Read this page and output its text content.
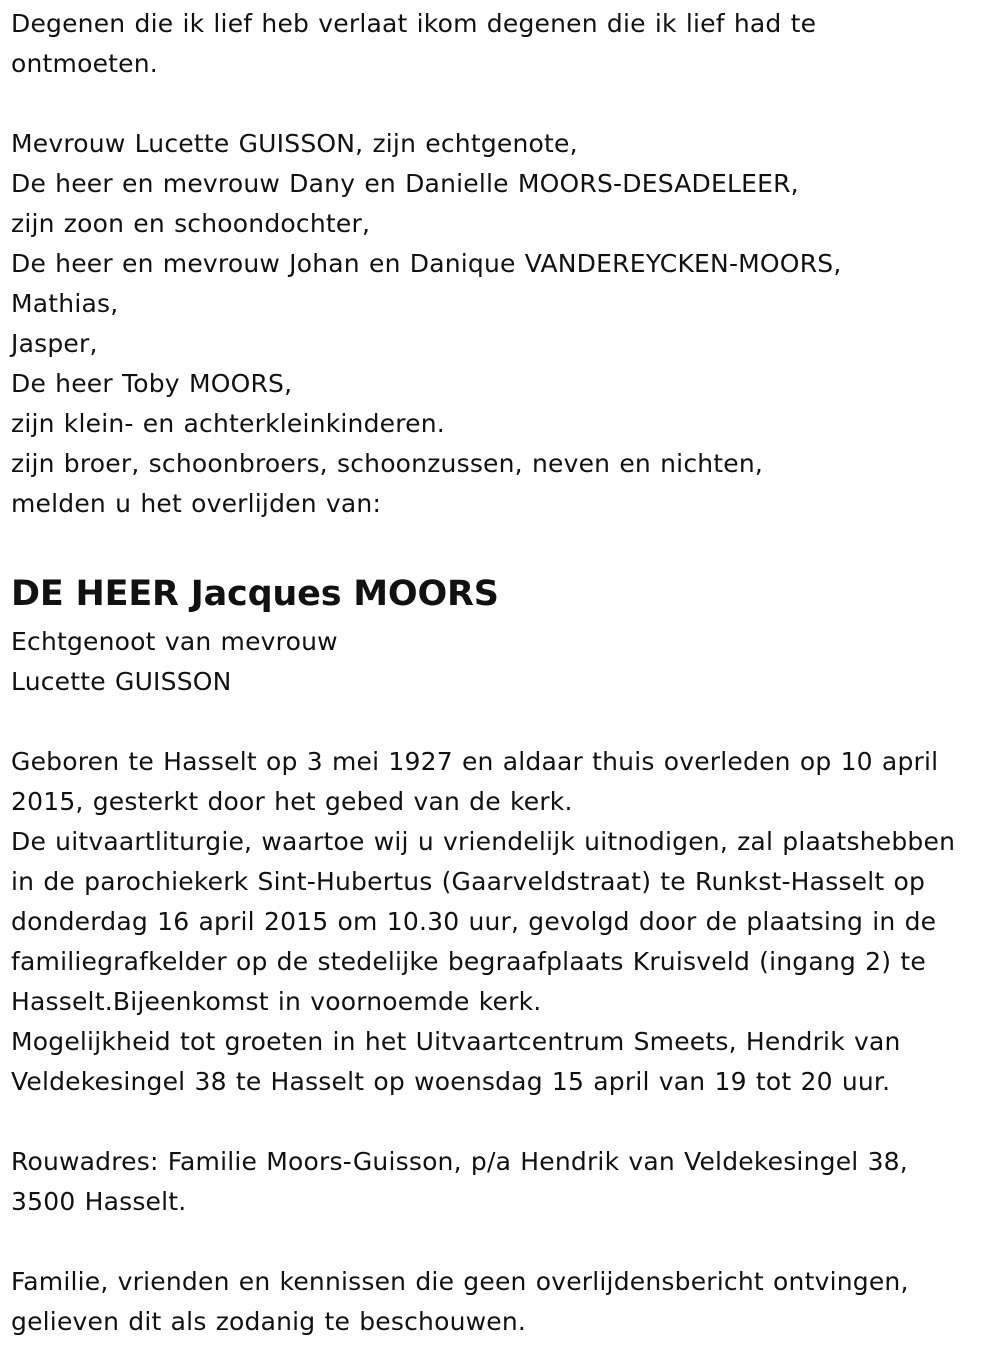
Degenen die ik lief heb verlaat ikom degenen die ik lief had te
ontmoeten.
Mevrouw Lucette GUISSON, zijn echtgenote,
De heer en mevrouw Dany en Danielle MOORS-DESADELEER,
zijn zoon en schoondochter,
De heer en mevrouw Johan en Danique VANDEREYCKEN-MOORS,
Mathias,
Jasper,
De heer Toby MOORS,
zijn klein- en achterkleinkinderen.
zijn broer, schoonbroers, schoonzussen, neven en nichten,
melden u het overlijden van:
DE HEER Jacques MOORS
Echtgenoot van mevrouw
Lucette GUISSON
Geboren te Hasselt op 3 mei 1927 en aldaar thuis overleden op 10 april
2015, gesterkt door het gebed van de kerk.
De uitvaartliturgie, waartoe wij u vriendelijk uitnodigen, zal plaatshebben
in de parochiekerk Sint-Hubertus (Gaarveldstraat) te Runkst-Hasselt op
donderdag 16 april 2015 om 10.30 uur, gevolgd door de plaatsing in de
familiegrafkelder op de stedelijke begraafplaats Kruisveld (ingang 2) te
Hasselt.Bijeenkomst in voornoemde kerk.
Mogelijkheid tot groeten in het Uitvaartcentrum Smeets, Hendrik van
Veldekesingel 38 te Hasselt op woensdag 15 april van 19 tot 20 uur.
Rouwadres: Familie Moors-Guisson, p/a Hendrik van Veldekesingel 38,
3500 Hasselt.
Familie, vrienden en kennissen die geen overlijdensbericht ontvingen,
gelieven dit als zodanig te beschouwen.
